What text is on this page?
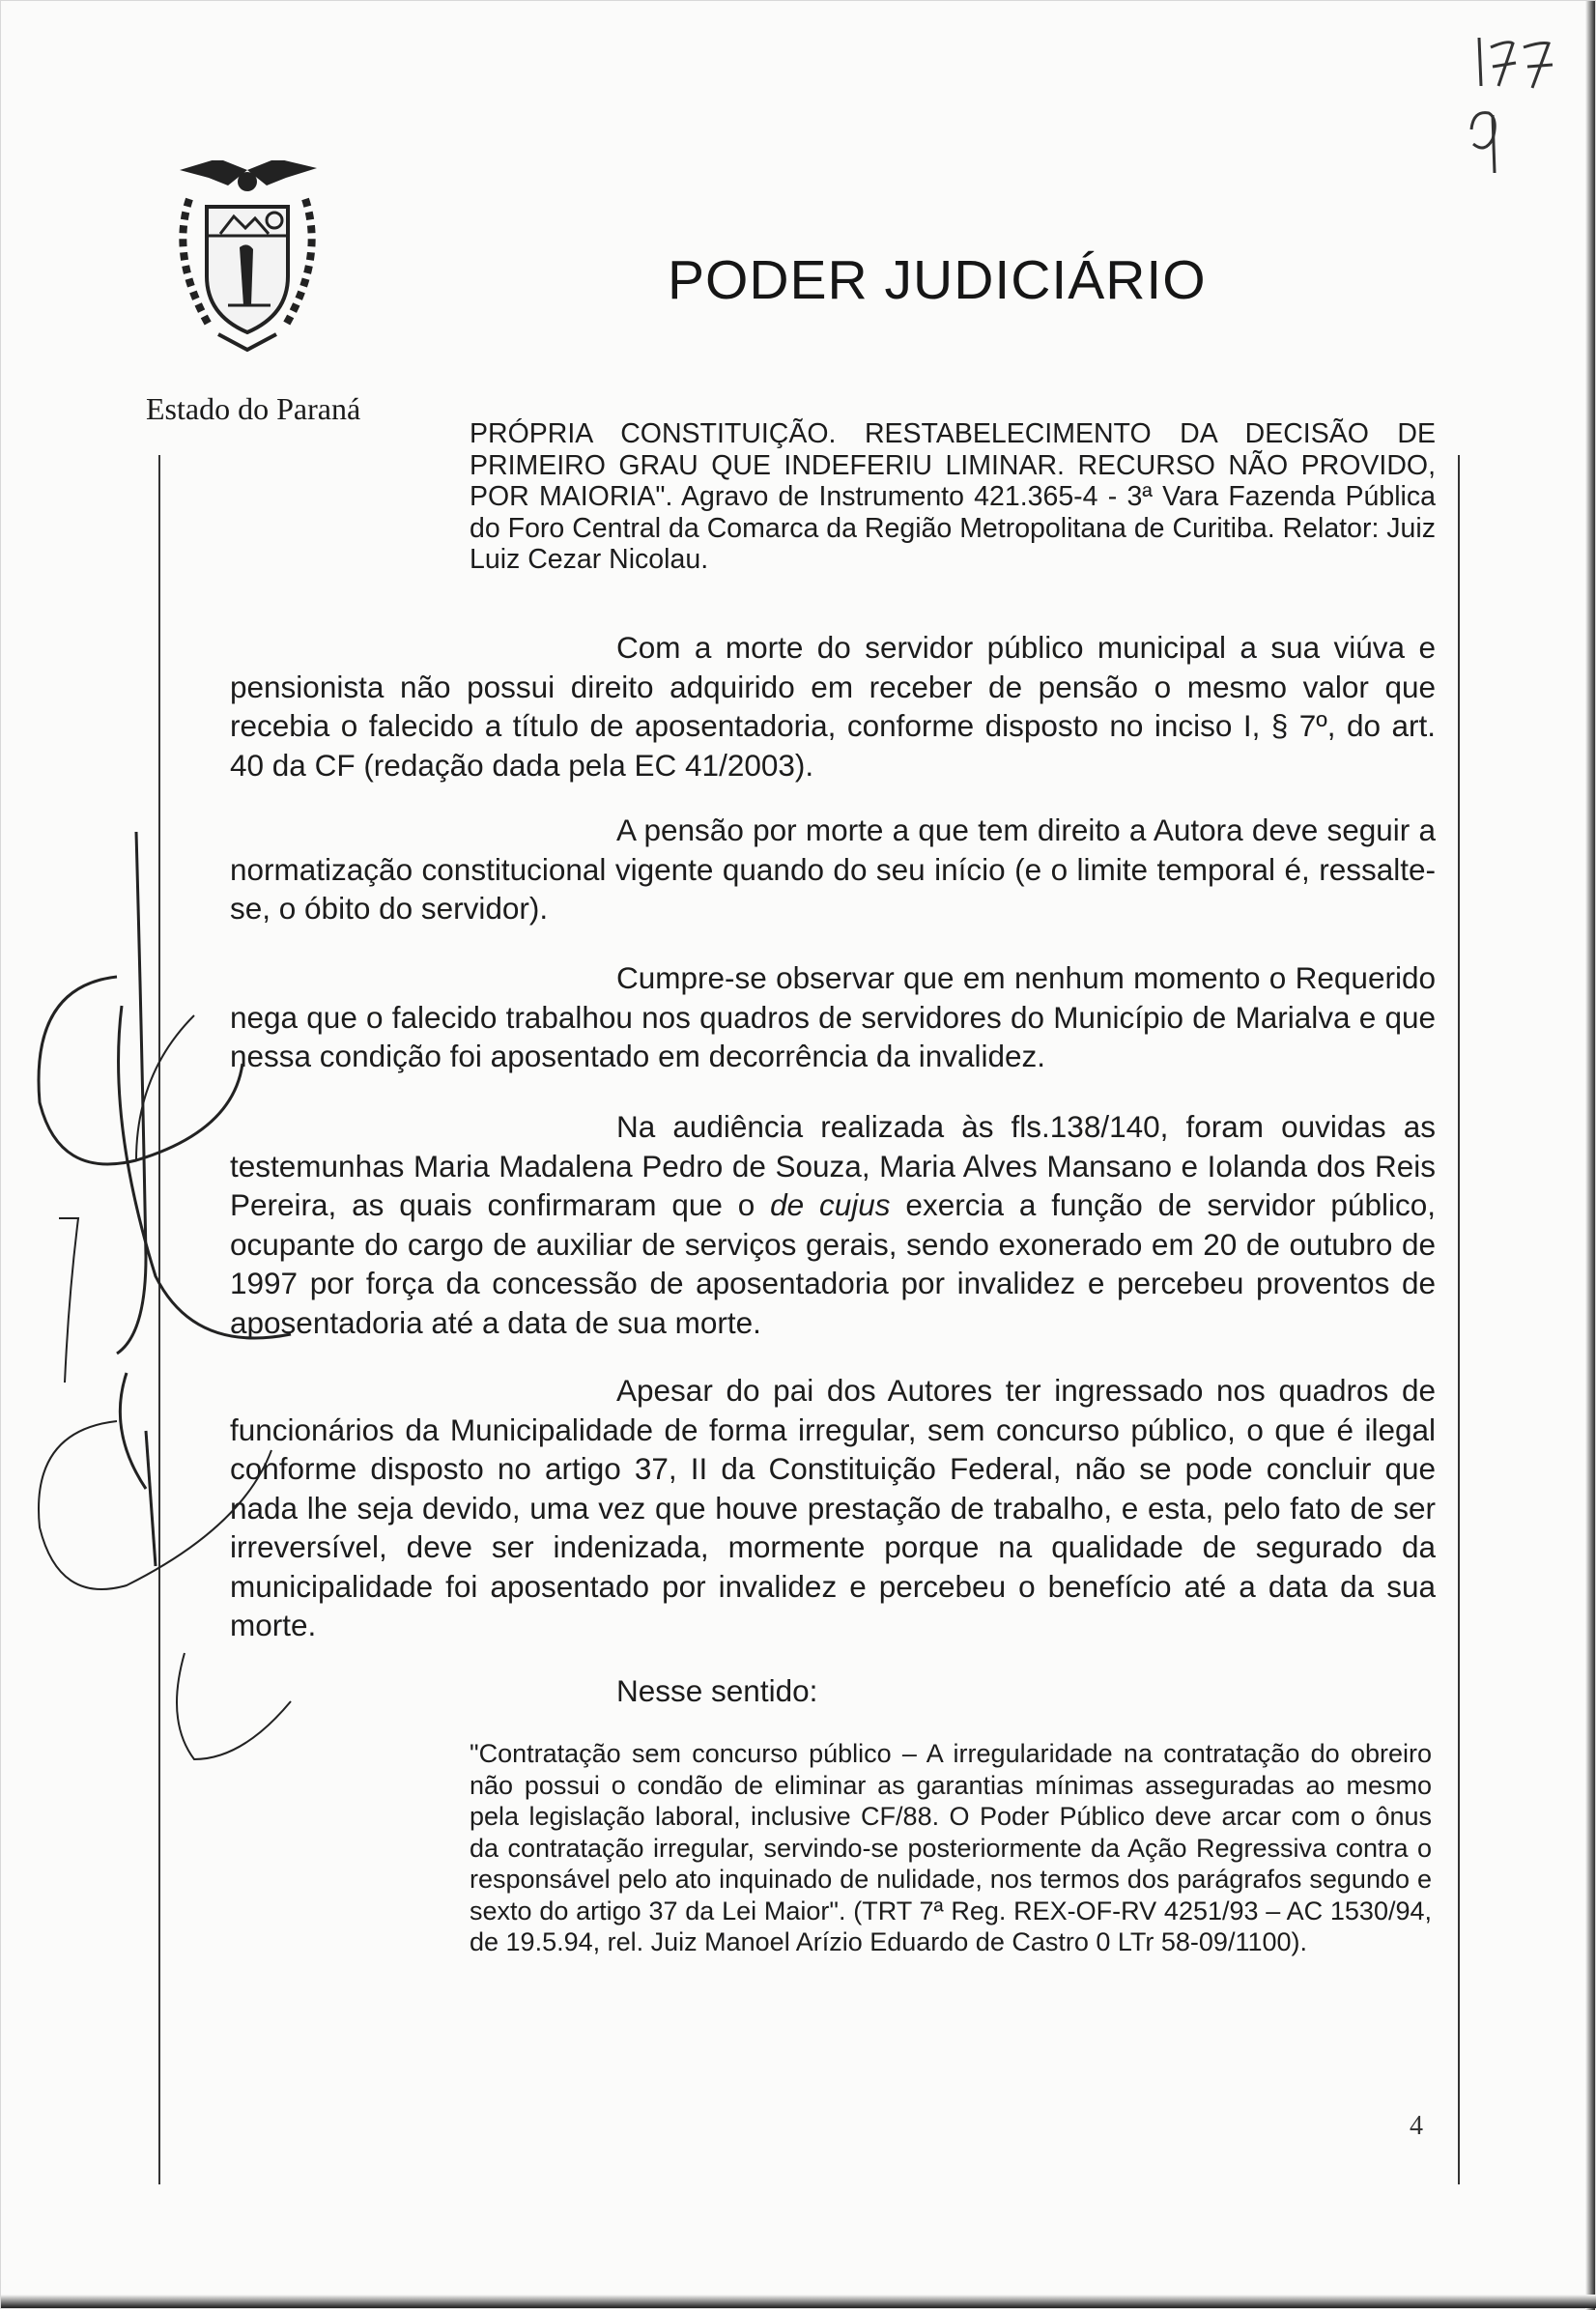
PODER JUDICIÁRIO
Estado do Paraná
PRÓPRIA CONSTITUIÇÃO. RESTABELECIMENTO DA DECISÃO DE PRIMEIRO GRAU QUE INDEFERIU LIMINAR. RECURSO NÃO PROVIDO, POR MAIORIA". Agravo de Instrumento 421.365-4 - 3ª Vara Fazenda Pública do Foro Central da Comarca da Região Metropolitana de Curitiba. Relator: Juiz Luiz Cezar Nicolau.
Com a morte do servidor público municipal a sua viúva e pensionista não possui direito adquirido em receber de pensão o mesmo valor que recebia o falecido a título de aposentadoria, conforme disposto no inciso I, § 7º, do art. 40 da CF (redação dada pela EC 41/2003).
A pensão por morte a que tem direito a Autora deve seguir a normatização constitucional vigente quando do seu início (e o limite temporal é, ressalte-se, o óbito do servidor).
Cumpre-se observar que em nenhum momento o Requerido nega que o falecido trabalhou nos quadros de servidores do Município de Marialva e que nessa condição foi aposentado em decorrência da invalidez.
Na audiência realizada às fls.138/140, foram ouvidas as testemunhas Maria Madalena Pedro de Souza, Maria Alves Mansano e Iolanda dos Reis Pereira, as quais confirmaram que o de cujus exercia a função de servidor público, ocupante do cargo de auxiliar de serviços gerais, sendo exonerado em 20 de outubro de 1997 por força da concessão de aposentadoria por invalidez e percebeu proventos de aposentadoria até a data de sua morte.
Apesar do pai dos Autores ter ingressado nos quadros de funcionários da Municipalidade de forma irregular, sem concurso público, o que é ilegal conforme disposto no artigo 37, II da Constituição Federal, não se pode concluir que nada lhe seja devido, uma vez que houve prestação de trabalho, e esta, pelo fato de ser irreversível, deve ser indenizada, mormente porque na qualidade de segurado da municipalidade foi aposentado por invalidez e percebeu o benefício até a data da sua morte.
Nesse sentido:
"Contratação sem concurso público – A irregularidade na contratação do obreiro não possui o condão de eliminar as garantias mínimas asseguradas ao mesmo pela legislação laboral, inclusive CF/88. O Poder Público deve arcar com o ônus da contratação irregular, servindo-se posteriormente da Ação Regressiva contra o responsável pelo ato inquinado de nulidade, nos termos dos parágrafos segundo e sexto do artigo 37 da Lei Maior". (TRT 7ª Reg. REX-OF-RV 4251/93 – AC 1530/94, de 19.5.94, rel. Juiz Manoel Arízio Eduardo de Castro 0 LTr 58-09/1100).
4
